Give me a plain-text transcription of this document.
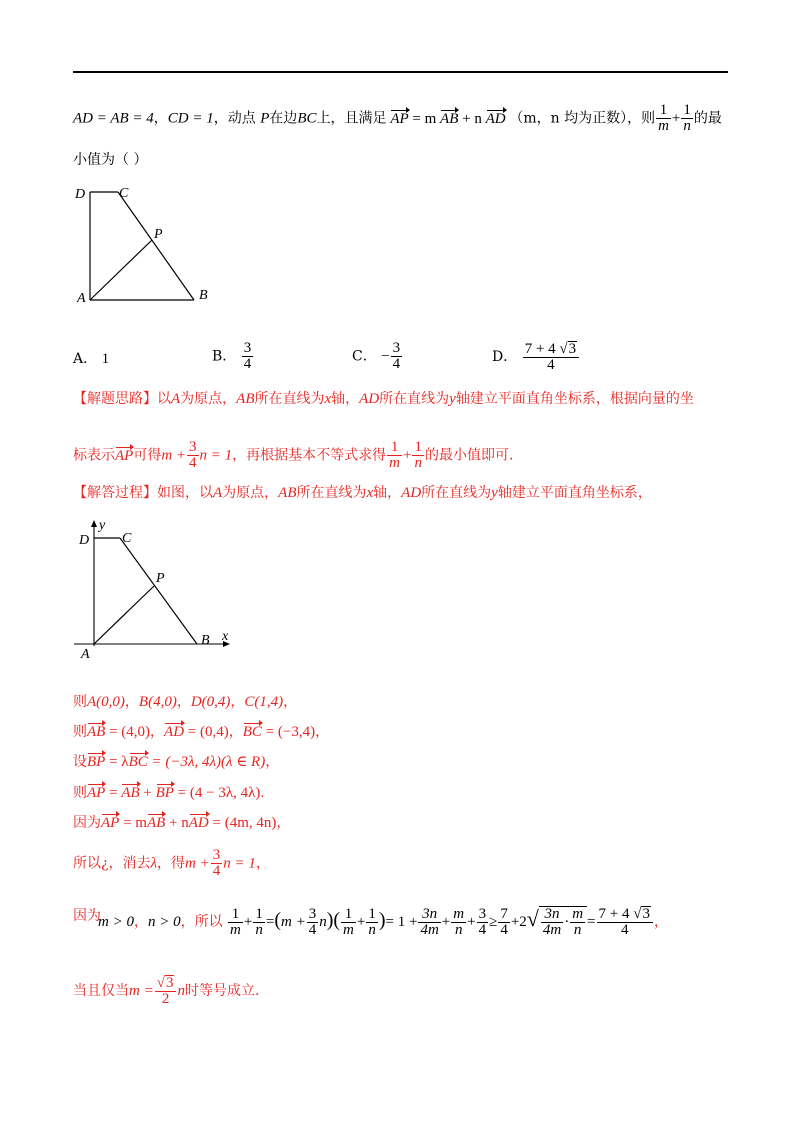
AD = AB = 4，CD = 1，动点 P在边BC上，且满足 AP = m AB + n AD （m，n 均为正数），则 $\frac{1}{m} + \frac{1}{n}$ 的最
小值为（ ）
D C
P
A	B
A． 1	B． $\frac{3}{4}$	C． − $\frac{3}{4}$	D． $\frac{7 + 4 √3}{4}$
【解题思路】以A为原点，AB所在直线为x轴，AD所在直线为y轴建立平面直角坐标系，根据向量的坐
标表示AP可得$m + \frac{3}{4}$ n = 1，再根据基本不等式求得 $\frac{1}{m} + \frac{1}{n}$ 的最小值即可.
【解答过程】如图，以A为原点，AB所在直线为x轴，AD所在直线为y轴建立平面直角坐标系，
y
x
D C
P
A
B
则A(0,0)，B(4,0)，D(0,4)，C(1,4)，
则AB = (4,0)，AD = (0,4)，BC = (−3,4)，
设BP = λBC = (−3λ, 4λ)(λ ∈ R)，
则AP = AB + BP = (4 − 3λ, 4λ).
因为AP = mAB + nAD = (4m, 4n)，
所以¿，消去λ，得$m + \frac{3}{4}$ n = 1，
因为
m > 0，n > 0，所以 $\frac{1}{m} + \frac{1}{n} =(m + \frac{3}{4} n)( \frac{1}{m} + \frac{1}{n}$ )= $1 + \frac{3n}{4m} + \frac{m}{n} + \frac{3}{4} \ge \frac{7}{4} +2√ \frac{3n}{4m} \cdot \frac{m}{n} = \frac{7 + 4 √3}{4}$ ，
当且仅当$m = \frac{√3}{2}$ n时等号成立.
